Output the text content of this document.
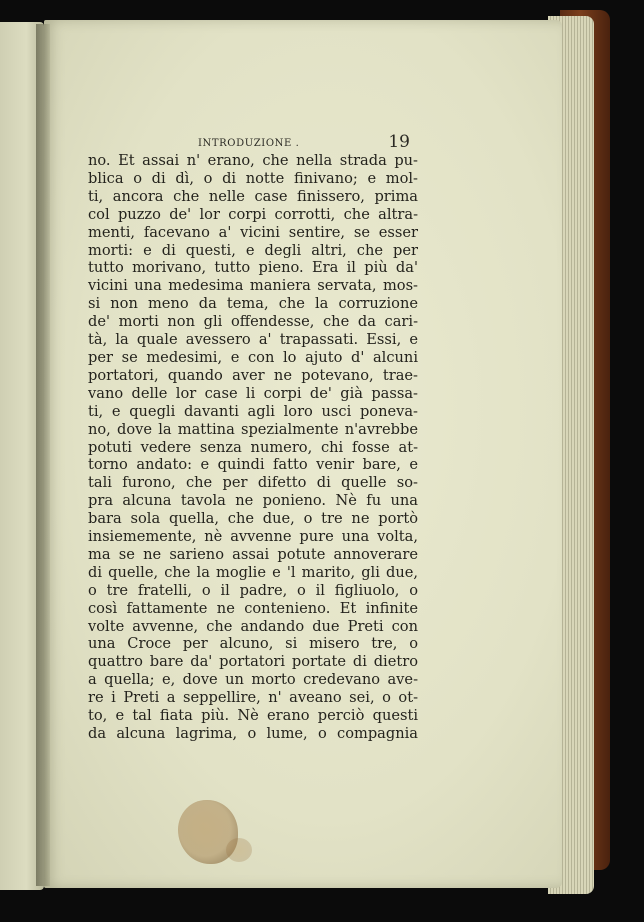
INTRODUZIONE .	19
no. Et assai n' erano, che nella strada pu-
blica o di dì, o di notte finivano; e mol-
ti, ancora che nelle case finissero, prima
col puzzo de' lor corpi corrotti, che altra-
menti, facevano a' vicini sentire, se esser
morti: e di questi, e degli altri, che per
tutto morivano, tutto pieno. Era il più da'
vicini una medesima maniera servata, mos-
si non meno da tema, che la corruzione
de' morti non gli offendesse, che da cari-
tà, la quale avessero a' trapassati. Essi, e
per se medesimi, e con lo ajuto d' alcuni
portatori, quando aver ne potevano, trae-
vano delle lor case li corpi de' già passa-
ti, e quegli davanti agli loro usci poneva-
no, dove la mattina spezialmente n'avrebbe
potuti vedere senza numero, chi fosse at-
torno andato: e quindi fatto venir bare, e
tali furono, che per difetto di quelle so-
pra alcuna tavola ne ponieno. Nè fu una
bara sola quella, che due, o tre ne portò
insiememente, nè avvenne pure una volta,
ma se ne sarieno assai potute annoverare
di quelle, che la moglie e 'l marito, gli due,
o tre fratelli, o il padre, o il figliuolo, o
così fattamente ne contenieno. Et infinite
volte avvenne, che andando due Preti con
una Croce per alcuno, si misero tre, o
quattro bare da' portatori portate di dietro
a quella; e, dove un morto credevano ave-
re i Preti a seppellire, n' aveano sei, o ot-
to, e tal fiata più. Nè erano perciò questi
da alcuna lagrima, o lume, o compagnia
